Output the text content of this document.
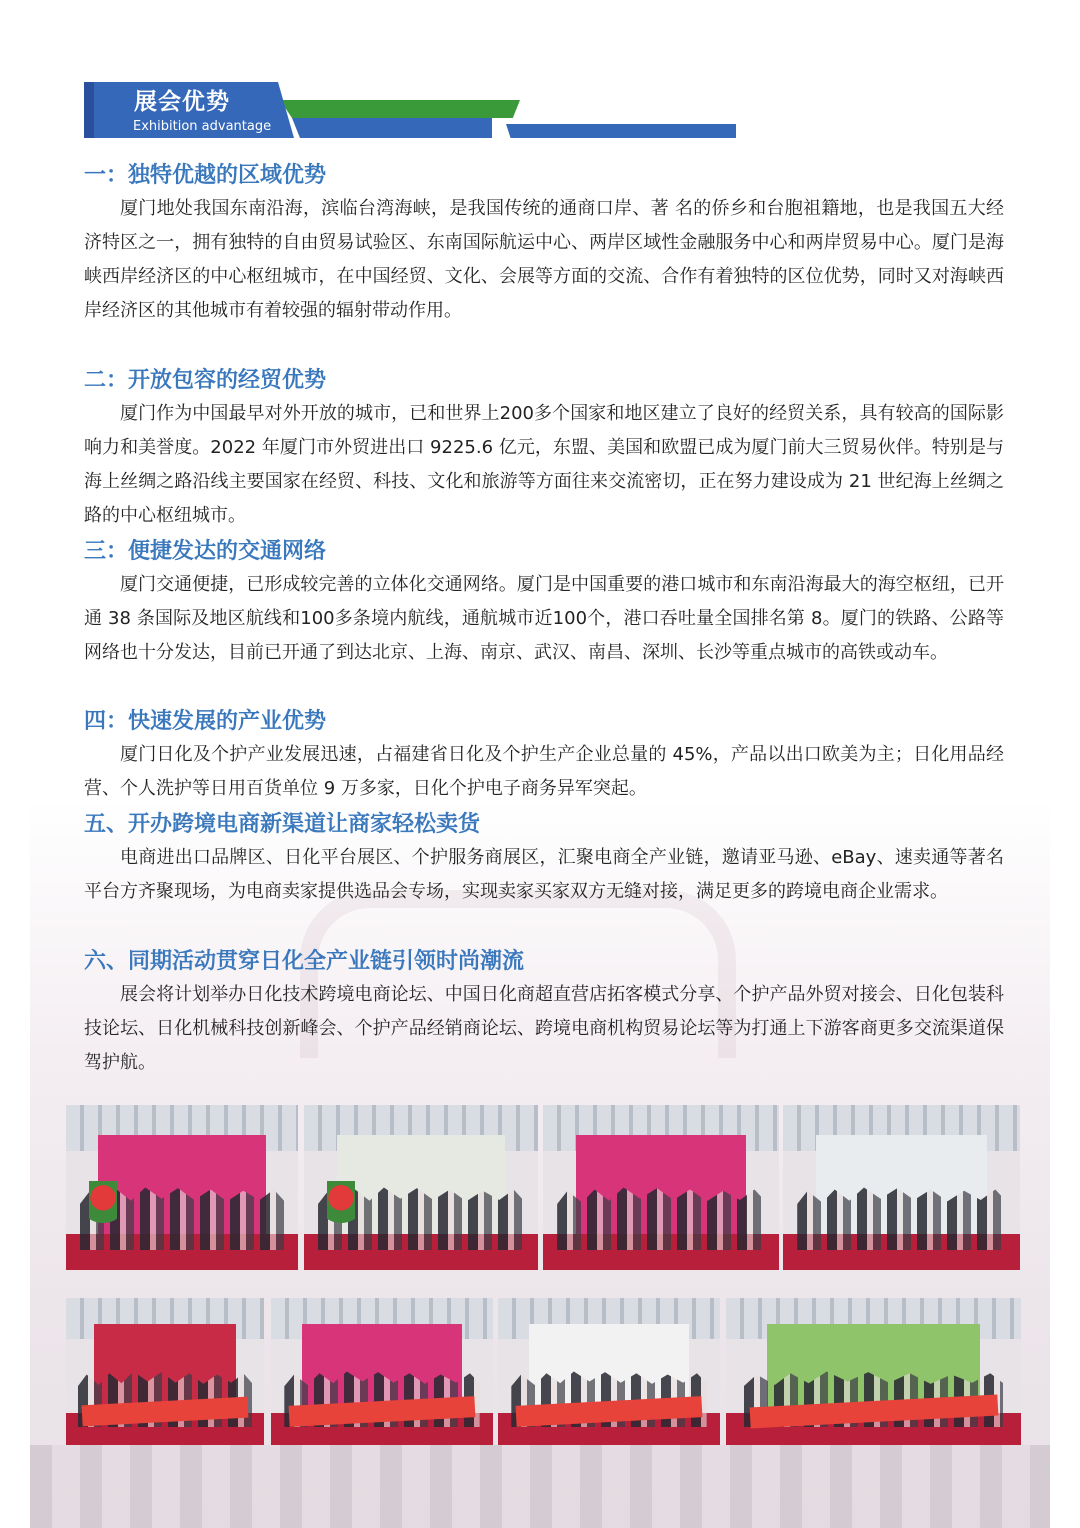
展会优势
Exhibition advantage
一：独特优越的区域优势

厦门地处我国东南沿海，滨临台湾海峡，是我国传统的通商口岸、著 名的侨乡和台胞祖籍地，也是我国五大经济特区之一，拥有独特的自由贸易试验区、东南国际航运中心、两岸区域性金融服务中心和两岸贸易中心。厦门是海峡西岸经济区的中心枢纽城市，在中国经贸、文化、会展等方面的交流、合作有着独特的区位优势，同时又对海峡西岸经济区的其他城市有着较强的辐射带动作用。

二：开放包容的经贸优势

厦门作为中国最早对外开放的城市，已和世界上200多个国家和地区建立了良好的经贸关系，具有较高的国际影响力和美誉度。2022 年厦门市外贸进出口 9225.6 亿元，东盟、美国和欧盟已成为厦门前大三贸易伙伴。特别是与海上丝绸之路沿线主要国家在经贸、科技、文化和旅游等方面往来交流密切，正在努力建设成为 21 世纪海上丝绸之路的中心枢纽城市。

三：便捷发达的交通网络

厦门交通便捷，已形成较完善的立体化交通网络。厦门是中国重要的港口城市和东南沿海最大的海空枢纽，已开通 38 条国际及地区航线和100多条境内航线，通航城市近100个，港口吞吐量全国排名第 8。厦门的铁路、公路等网络也十分发达，目前已开通了到达北京、上海、南京、武汉、南昌、深圳、长沙等重点城市的高铁或动车。

四：快速发展的产业优势

厦门日化及个护产业发展迅速，占福建省日化及个护生产企业总量的 45%，产品以出口欧美为主；日化用品经营、个人洗护等日用百货单位 9 万多家，日化个护电子商务异军突起。

五、开办跨境电商新渠道让商家轻松卖货

电商进出口品牌区、日化平台展区、个护服务商展区，汇聚电商全产业链，邀请亚马逊、eBay、速卖通等著名平台方齐聚现场，为电商卖家提供选品会专场，实现卖家买家双方无缝对接，满足更多的跨境电商企业需求。

六、同期活动贯穿日化全产业链引领时尚潮流

展会将计划举办日化技术跨境电商论坛、中国日化商超直营店拓客模式分享、个护产品外贸对接会、日化包装科技论坛、日化机械科技创新峰会、个护产品经销商论坛、跨境电商机构贸易论坛等为打通上下游客商更多交流渠道保驾护航。
